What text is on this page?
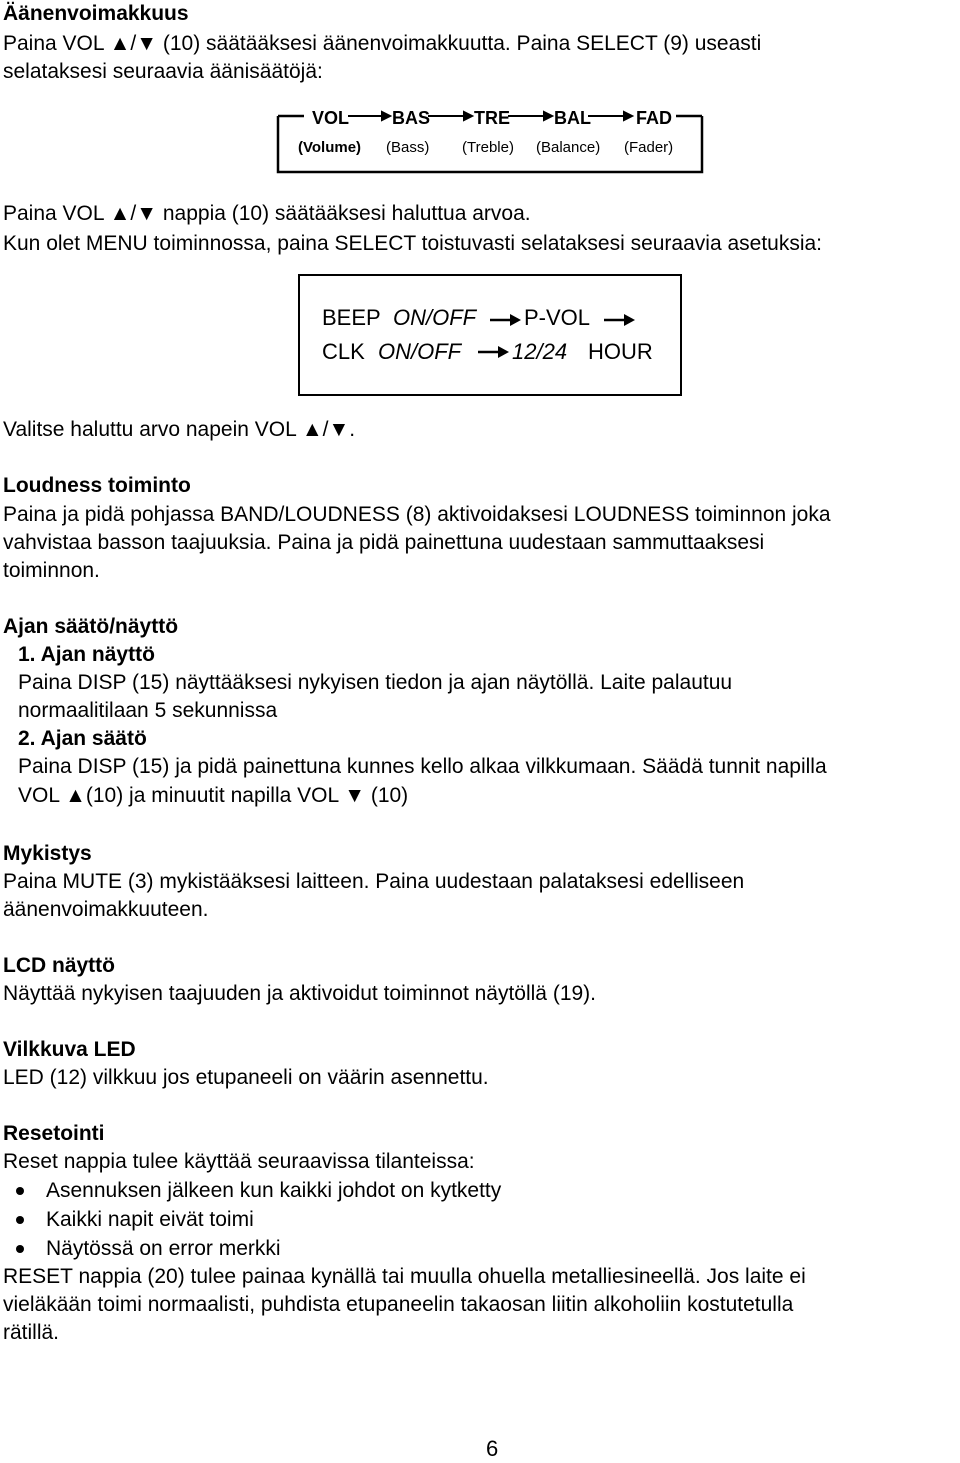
Äänenvoimakkuus
Paina VOL ▲/▼ (10) säätääksesi äänenvoimakkuutta. Paina SELECT (9) useasti
selataksesi seuraavia äänisäätöjä:
VOL BAS TRE BAL	FAD
(Volume) (Bass) (Treble) (Balance) (Fader)
Paina VOL ▲/▼ nappia (10) säätääksesi haluttua arvoa.
Kun olet MENU toiminnossa, paina SELECT toistuvasti selataksesi seuraavia asetuksia:
BEEP ON/OFF P-VOL
CLK ON/OFF 12/24 HOUR
Valitse haluttu arvo napein VOL ▲/▼.
Loudness toiminto
Paina ja pidä pohjassa BAND/LOUDNESS (8) aktivoidaksesi LOUDNESS toiminnon joka
vahvistaa basson taajuuksia. Paina ja pidä painettuna uudestaan sammuttaaksesi
toiminnon.
Ajan säätö/näyttö
1. Ajan näyttö
Paina DISP (15) näyttääksesi nykyisen tiedon ja ajan näytöllä. Laite palautuu
normaalitilaan 5 sekunnissa
2. Ajan säätö
Paina DISP (15) ja pidä painettuna kunnes kello alkaa vilkkumaan. Säädä tunnit napilla
VOL ▲(10) ja minuutit napilla VOL ▼ (10)
Mykistys
Paina MUTE (3) mykistääksesi laitteen. Paina uudestaan palataksesi edelliseen
äänenvoimakkuuteen.
LCD näyttö
Näyttää nykyisen taajuuden ja aktivoidut toiminnot näytöllä (19).
Vilkkuva LED
LED (12) vilkkuu jos etupaneeli on väärin asennettu.
Resetointi
Reset nappia tulee käyttää seuraavissa tilanteissa:
Asennuksen jälkeen kun kaikki johdot on kytketty
Kaikki napit eivät toimi
Näytössä on error merkki
RESET nappia (20) tulee painaa kynällä tai muulla ohuella metalliesineellä. Jos laite ei
vieläkään toimi normaalisti, puhdista etupaneelin takaosan liitin alkoholiin kostutetulla
rätillä.
6
